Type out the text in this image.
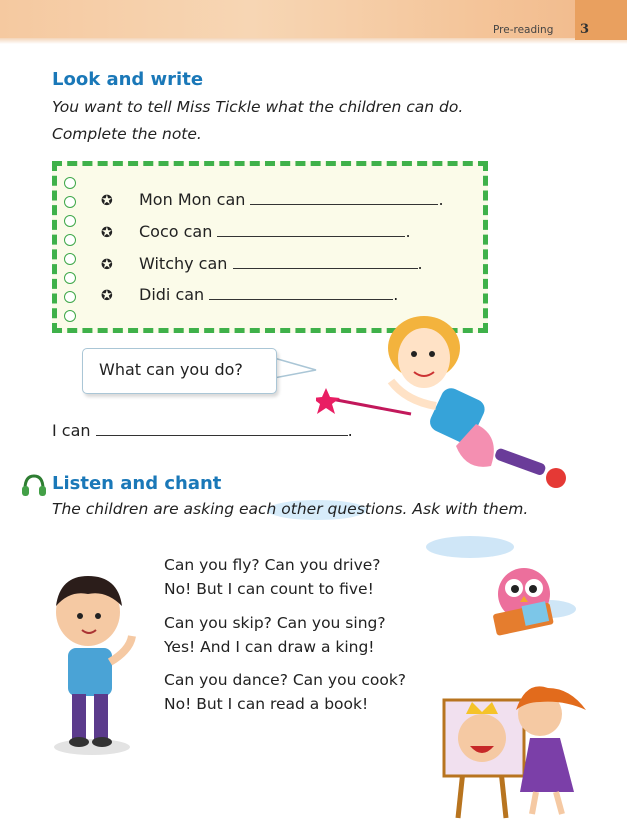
Pre-reading 3
Look and write
You want to tell Miss Tickle what the children can do.
Complete the note.
✪ Mon Mon can	.
✪ Coco can	.
✪ Witchy can	.
✪ Didi can	.
What can you do?
I can	.
Listen and chant
The children are asking each other questions. Ask with them.
Can you fly? Can you drive?
No! But I can count to five!
Can you skip? Can you sing?
Yes! And I can draw a king!
Can you dance? Can you cook?
No! But I can read a book!
